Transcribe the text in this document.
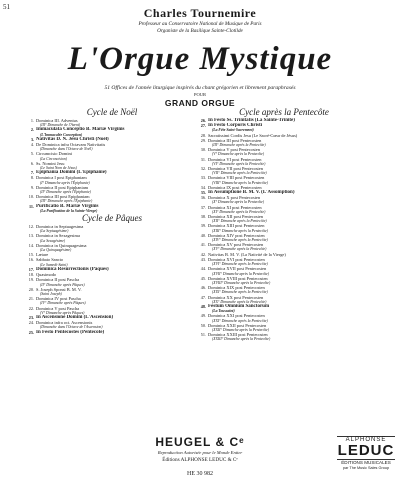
51	Charles Tournemire
Professeur au Conservatoire National de Musique de Paris
Organiste de la Basilique Sainte-Clotilde
L'Orgue Mystique
51 Offices de l'année liturgique inspirés du chant grégorien et librement paraphrasés
POUR
GRAND ORGUE
Cycle de Noël
1. Dominica III. Adventus
(III° Dimanche de l'Avent)
2. Immaculata Conceptio B. Mariæ Virginis
(L'Immaculée Conception)
3. Nativitas D. N. Jesu Christi (Noël)
4. De Dominica infra Octavam Nativitatis
(Dimanche dans l'Octave de Noël)
5. Circumcisio Domini
(La Circoncision)
6. Ss. Nomini Jesu
(Le Saint Nom de Jésus)
7. Epiphania Domini (L'Épiphanie)
8. Dominica I post Epiphaniam
(I° Dimanche après l'Épiphanie)
9. Dominica II post Epiphaniam
(II° Dimanche après l'Épiphanie)
10. Dominica III post Epiphaniam
(III° Dimanche après l'Épiphanie)
11. Purificatio B. Mariæ Virginis
(La Purification de la Sainte-Vierge)
Cycle de Pâques
12. Dominica in Septuagesima
(La Septuagésime)
13. Dominica in Sexagesima
(La Sexagésime)
14. Dominica in Quinquagesima
(La Quinquagésime)
15. Lætare
16. Sabbato Sancto
(Le Samedi-Saint)
17. Dominica Resurrectionis (Pâques)
18. Quasimodo
19. Dominica II post Pascha
(II° Dimanche après Pâques)
20. S. Joseph Sponsi B. M. V.
(Saint Joseph)
21. Dominica IV post Pascha
(IV° Dimanche après Pâques)
22. Dominica V post Pascha
(V° Dimanche après Pâques)
23. In Ascensione Domini (L'Ascension)
24. Dominica infra oct. Ascensionis
(Dimanche dans l'Octave de l'Ascension)
25. In Festo Pentecostes (Pentecôte)
Cycle après la Pentecôte
26. In Festo Ss. Trinitatis (La Sainte-Trinité)
27. In Festo Corporis Christi
(La Fête Saint-Sacrement)
28. Sacratissimi Cordis Jesu (Le Sacré-Cœur de Jésus)
29. Dominica III post Pentecosten
(III° Dimanche après la Pentecôte)
30. Dominica V post Pentecosten
(V° Dimanche après la Pentecôte)
31. Dominica VI post Pentecosten
(VI° Dimanche après la Pentecôte)
32. Dominica VII post Pentecosten
(VII° Dimanche après la Pentecôte)
33. Dominica VIII post Pentecosten
(VIII° Dimanche après la Pentecôte)
34. Dominica IX post Pentecosten
35. In Assumptione B. M. V. (L'Assomption)
36. Dominica X post Pentecosten
(X° Dimanche après la Pentecôte)
37. Dominica XI post Pentecosten
(XI° Dimanche après la Pentecôte)
38. Dominica XII post Pentecosten
(XII° Dimanche après la Pentecôte)
39. Dominica XIII post Pentecosten
(XIII° Dimanche après la Pentecôte)
40. Dominica XIV post Pentecosten
(XIV° Dimanche après la Pentecôte)
41. Dominica XV post Pentecosten
(XV° Dimanche après la Pentecôte)
42. Nativitas B. M. V. (La Nativité de la Vierge)
43. Dominica XVI post Pentecosten
(XVI° Dimanche après la Pentecôte)
44. Dominica XVII post Pentecosten
(XVII° Dimanche après la Pentecôte)
45. Dominica XVIII post Pentecosten
(XVIII° Dimanche après la Pentecôte)
46. Dominica XIX post Pentecosten
(XIX° Dimanche après la Pentecôte)
47. Dominica XX post Pentecosten
(XX° Dimanche après la Pentecôte)
48. Festum Omnium Sanctorum
(La Toussaint)
49. Dominica XXI post Pentecosten
(XXI° Dimanche après la Pentecôte)
50. Dominica XXII post Pentecosten
(XXII° Dimanche après la Pentecôte)
51. Dominica XXIII post Pentecosten
(XXIII° Dimanche après la Pentecôte)
HEUGEL & Cᵉ
Reproduction Autorisée pour le Monde Entier
Éditions ALPHONSE LEDUC & Cᵉ
HE 30 982
ALPHONSE
LEDUC
ÉDITIONS MUSICALES
par The Music Sales Group
